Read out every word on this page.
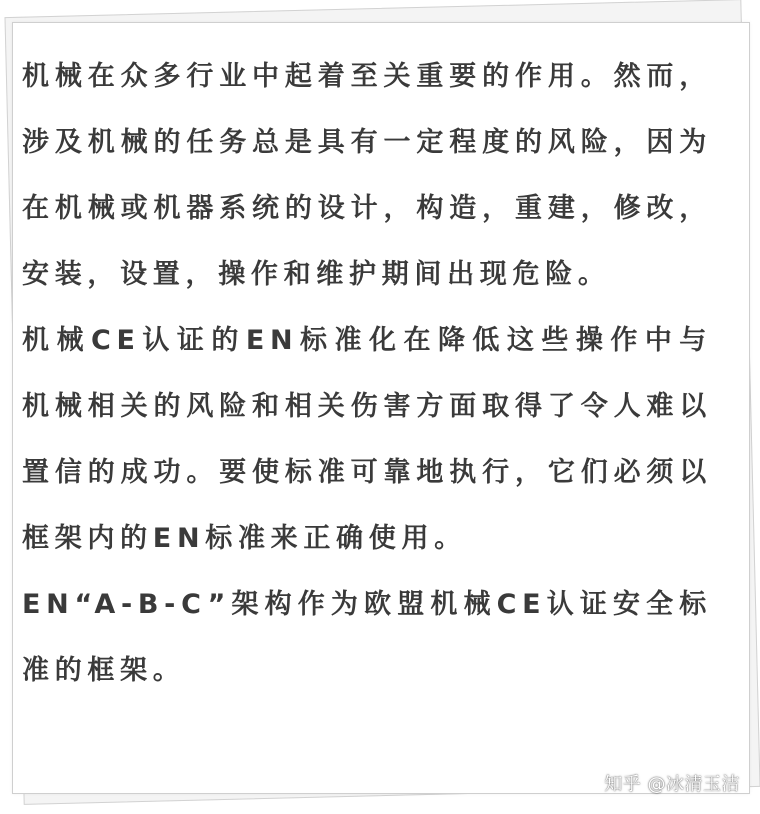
机械在众多行业中起着至关重要的作用。然而，涉及机械的任务总是具有一定程度的风险，因为在机械或机器系统的设计，构造，重建，修改，安装，设置，操作和维护期间出现危险。

机械CE认证的EN标准化在降低这些操作中与机械相关的风险和相关伤害方面取得了令人难以置信的成功。要使标准可靠地执行，它们必须以框架内的EN标准来正确使用。

EN“A-B-C”架构作为欧盟机械CE认证安全标准的框架。

知乎 @冰清玉洁
